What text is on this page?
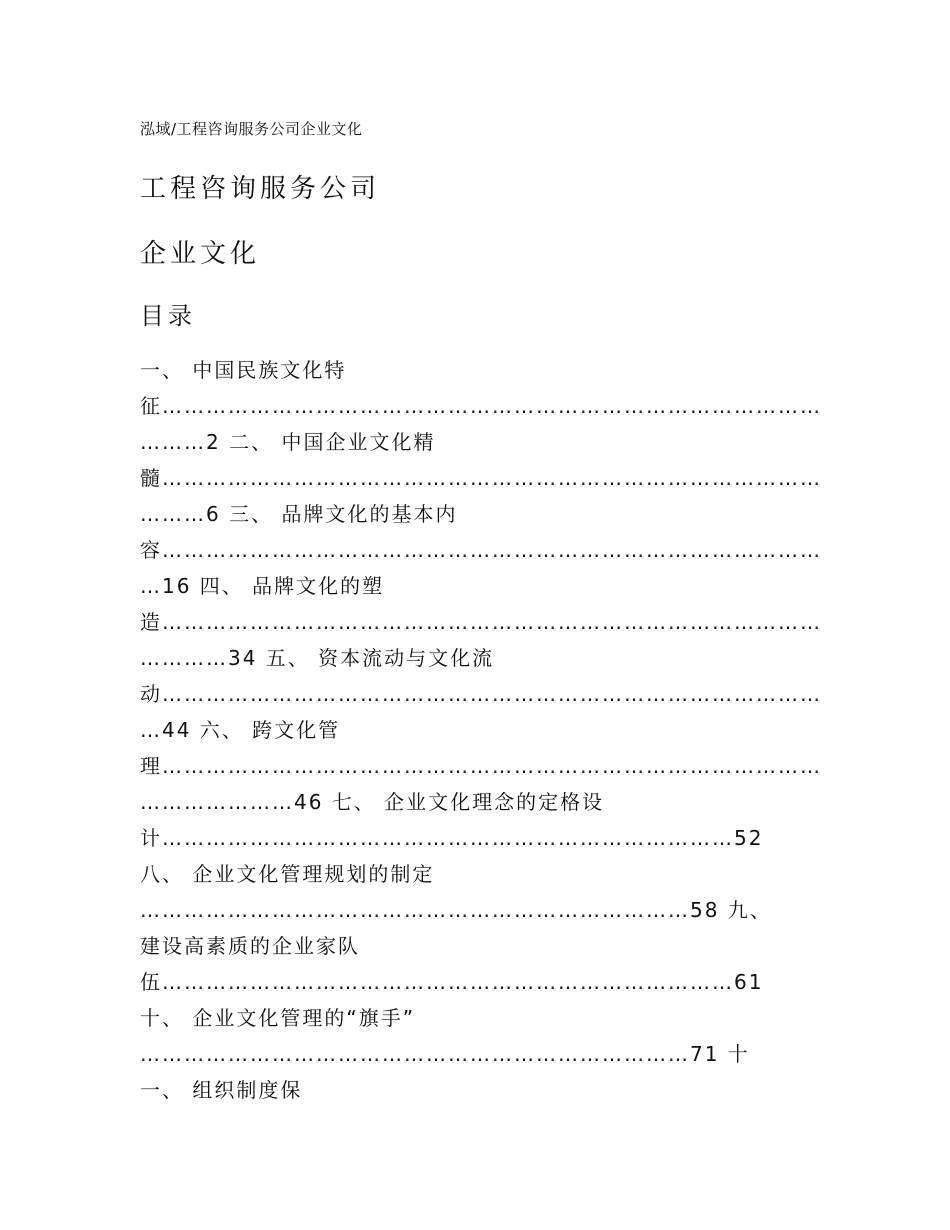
泓域/工程咨询服务公司企业文化
工程咨询服务公司
企业文化
目录
一、 中国民族文化特
征………………………………………………………………………………
………2 二、 中国企业文化精
髓………………………………………………………………………………
………6 三、 品牌文化的基本内
容………………………………………………………………………………
…16 四、 品牌文化的塑
造………………………………………………………………………………
…………34 五、 资本流动与文化流
动………………………………………………………………………………
…44 六、 跨文化管
理………………………………………………………………………………
…………………46 七、 企业文化理念的定格设
计……………………………………………………………………52
八、 企业文化管理规划的制定
…………………………………………………………………58 九、
建设高素质的企业家队
伍……………………………………………………………………61
十、 企业文化管理的“旗手”
…………………………………………………………………71 十
一、 组织制度保
